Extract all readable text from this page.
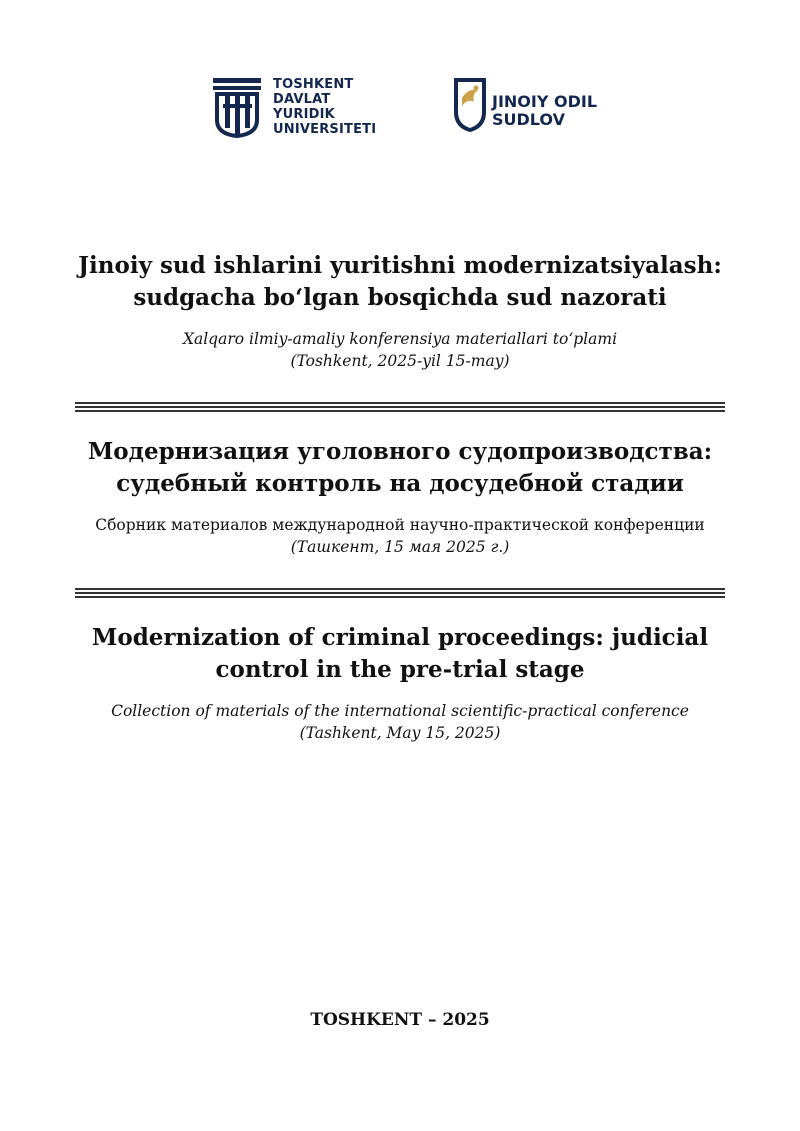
TOSHKENT
DAVLAT
YURIDIK
UNIVERSITETI
JINOIY ODIL
SUDLOV

Jinoiy sud ishlarini yuritishni modernizatsiyalash:

sudgacha boʻlgan bosqichda sud nazorati

Xalqaro ilmiy-amaliy konferensiya materiallari toʻplami

(Toshkent, 2025-yil 15-may)

Модернизация уголовного судопроизводства:

судебный контроль на досудебной стадии

Сборник материалов международной научно-практической конференции

(Ташкент, 15 мая 2025 г.)

Modernization of criminal proceedings: judicial

control in the pre-trial stage

Collection of materials of the international scientific-practical conference

(Tashkent, May 15, 2025)

TOSHKENT – 2025
